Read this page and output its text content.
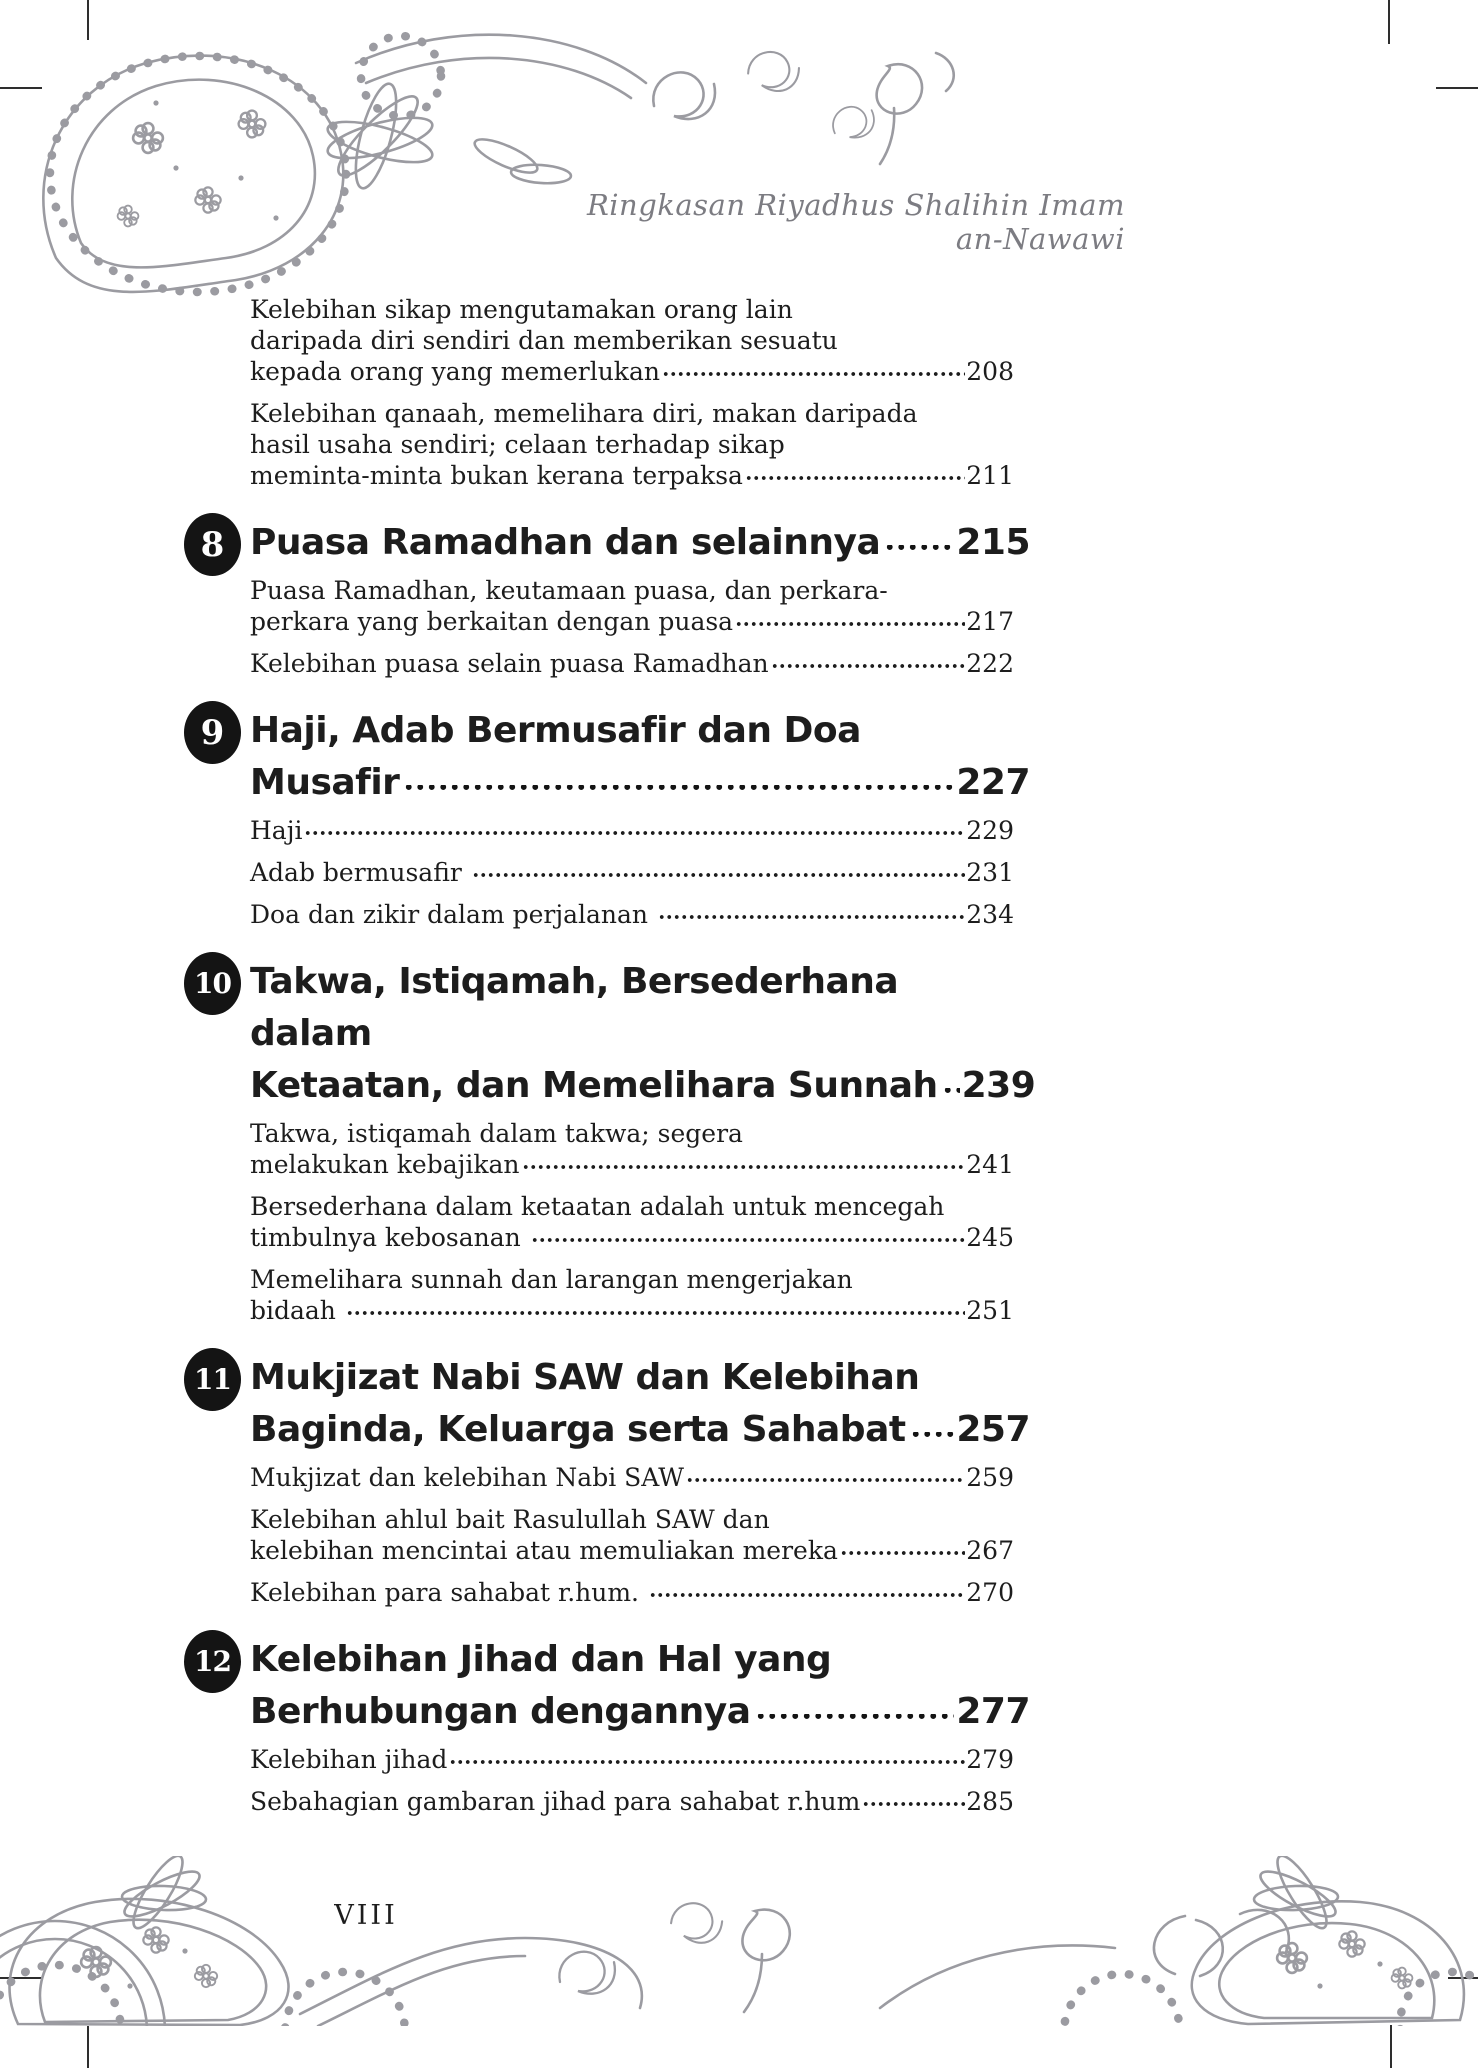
Ringkasan Riyadhus Shalihin Imam an-Nawawi
Kelebihan sikap mengutamakan orang lain
daripada diri sendiri dan memberikan sesuatu
kepada orang yang memerlukan	208
Kelebihan qanaah, memelihara diri, makan daripada
hasil usaha sendiri; celaan terhadap sikap
meminta-minta bukan kerana terpaksa	211
8 Puasa Ramadhan dan selainnya 215
Puasa Ramadhan, keutamaan puasa, dan perkara-
perkara yang berkaitan dengan puasa	217
Kelebihan puasa selain puasa Ramadhan	222
9 Haji, Adab Bermusafir dan Doa
Musafir	227
Haji	229
Adab bermusafir	231
Doa dan zikir dalam perjalanan	234
10 Takwa, Istiqamah, Bersederhana dalam
Ketaatan, dan Memelihara Sunnah 239
Takwa, istiqamah dalam takwa; segera
melakukan kebajikan	241
Bersederhana dalam ketaatan adalah untuk mencegah
timbulnya kebosanan	245
Memelihara sunnah dan larangan mengerjakan
bidaah	251
11 Mukjizat Nabi SAW dan Kelebihan
Baginda, Keluarga serta Sahabat 257
Mukjizat dan kelebihan Nabi SAW	259
Kelebihan ahlul bait Rasulullah SAW dan
kelebihan mencintai atau memuliakan mereka	267
Kelebihan para sahabat r.hum.	270
12 Kelebihan Jihad dan Hal yang
Berhubungan dengannya	277
Kelebihan jihad	279
Sebahagian gambaran jihad para sahabat r.hum	285
VIII
